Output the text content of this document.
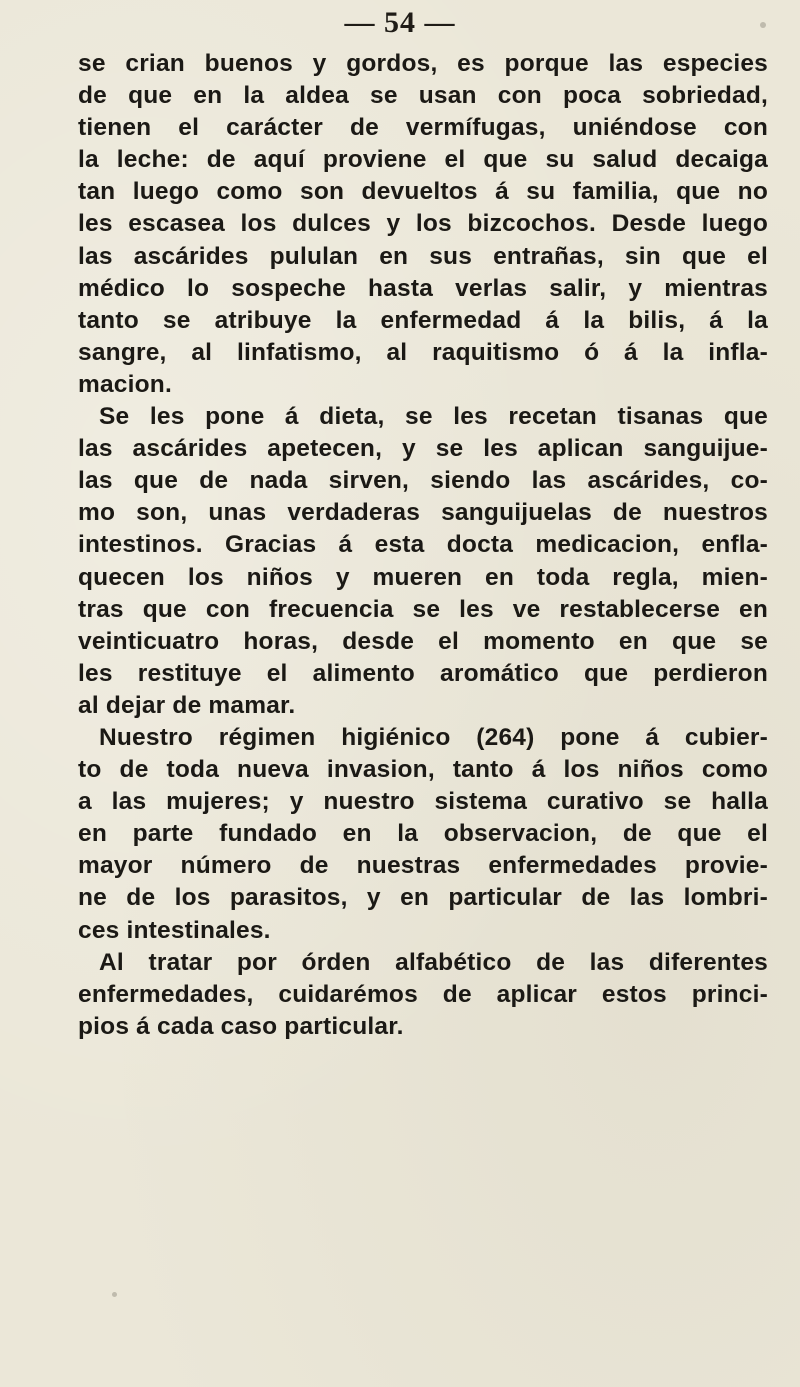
— 54 —
se crian buenos y gordos, es porque las especies
de que en la aldea se usan con poca sobriedad,
tienen el carácter de vermífugas, uniéndose con
la leche: de aquí proviene el que su salud decaiga
tan luego como son devueltos á su familia, que no
les escasea los dulces y los bizcochos. Desde luego
las ascárides pululan en sus entrañas, sin que el
médico lo sospeche hasta verlas salir, y mientras
tanto se atribuye la enfermedad á la bilis, á la
sangre, al linfatismo, al raquitismo ó á la infla-
macion.
Se les pone á dieta, se les recetan tisanas que
las ascárides apetecen, y se les aplican sanguijue-
las que de nada sirven, siendo las ascárides, co-
mo son, unas verdaderas sanguijuelas de nuestros
intestinos. Gracias á esta docta medicacion, enfla-
quecen los niños y mueren en toda regla, mien-
tras que con frecuencia se les ve restablecerse en
veinticuatro horas, desde el momento en que se
les restituye el alimento aromático que perdieron
al dejar de mamar.
Nuestro régimen higiénico (264) pone á cubier-
to de toda nueva invasion, tanto á los niños como
a las mujeres; y nuestro sistema curativo se halla
en parte fundado en la observacion, de que el
mayor número de nuestras enfermedades provie-
ne de los parasitos, y en particular de las lombri-
ces intestinales.
Al tratar por órden alfabético de las diferentes
enfermedades, cuidarémos de aplicar estos princi-
pios á cada caso particular.
